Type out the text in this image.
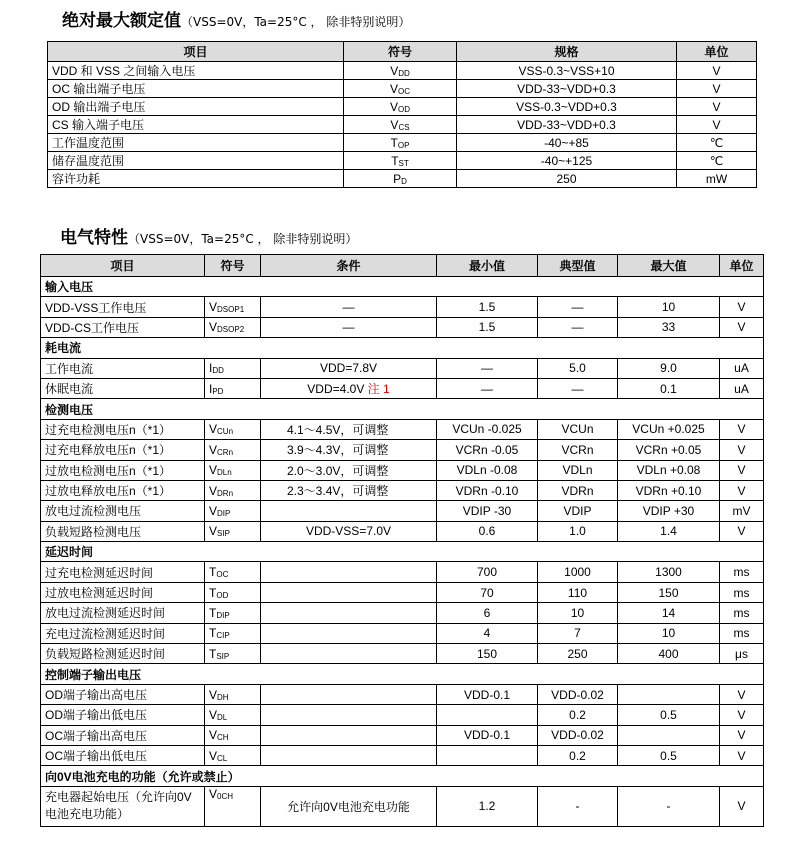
绝对最大额定值（VSS=0V，Ta=25°C ， 除非特别说明）
项目	符号	规格	单位
VDD 和 VSS 之间输入电压	$V_{DD}$	VSS-0.3~VSS+10	V
OC 输出端子电压	$V_{OC}$	VDD-33~VDD+0.3	V
OD 输出端子电压	$V_{OD}$	VSS-0.3~VDD+0.3	V
CS 输入端子电压	$V_{CS}$	VDD-33~VDD+0.3	V
工作温度范围	$T_{OP}$	-40~+85	℃
储存温度范围	$T_{ST}$	-40~+125	℃
容许功耗	$P_D$	250	mW
电气特性（VSS=0V，Ta=25°C ， 除非特别说明）
项目	符号	条件	最小值	典型值	最大值	单位
输入电压						
VDD-VSS工作电压	$V_{DSOP1}$	—	1.5	—	10	V
VDD-CS工作电压	$V_{DSOP2}$	—	1.5	—	33	V
耗电流						
工作电流	$I_{DD}$	VDD=7.8V	—	5.0	9.0	uA
休眠电流	$I_{PD}$	VDD=4.0V 注 1	—	—	0.1	uA
检测电压						
过充电检测电压n（*1）	$V_{CUn}$	4.1～4.5V，可调整	VCUn -0.025	VCUn	VCUn +0.025	V
过充电释放电压n（*1）	$V_{CRn}$	3.9～4.3V，可调整	VCRn -0.05	VCRn	VCRn +0.05	V
过放电检测电压n（*1）	$V_{DLn}$	2.0～3.0V，可调整	VDLn -0.08	VDLn	VDLn +0.08	V
过放电释放电压n（*1）	$V_{DRn}$	2.3～3.4V，可调整	VDRn -0.10	VDRn	VDRn +0.10	V
放电过流检测电压	$V_{DIP}$		VDIP -30	VDIP	VDIP +30	mV
负载短路检测电压	$V_{SIP}$	VDD-VSS=7.0V	0.6	1.0	1.4	V
延迟时间						
过充电检测延迟时间	$T_{OC}$		700	1000	1300	ms
过放电检测延迟时间	$T_{OD}$		70	110	150	ms
放电过流检测延迟时间	$T_{DIP}$		6	10	14	ms
充电过流检测延迟时间	$T_{CIP}$		4	7	10	ms
负载短路检测延迟时间	$T_{SIP}$		150	250	400	μs
控制端子输出电压						
OD端子输出高电压	$V_{DH}$		VDD-0.1	VDD-0.02		V
OD端子输出低电压	$V_{DL}$			0.2	0.5	V
OC端子输出高电压	$V_{CH}$		VDD-0.1	VDD-0.02		V
OC端子输出低电压	$V_{CL}$			0.2	0.5	V
向0V电池充电的功能（允许或禁止）						
充电器起始电压（允许向0V电池充电功能）	$V_{0CH}$	允许向0V电池充电功能	1.2	-	-	V
